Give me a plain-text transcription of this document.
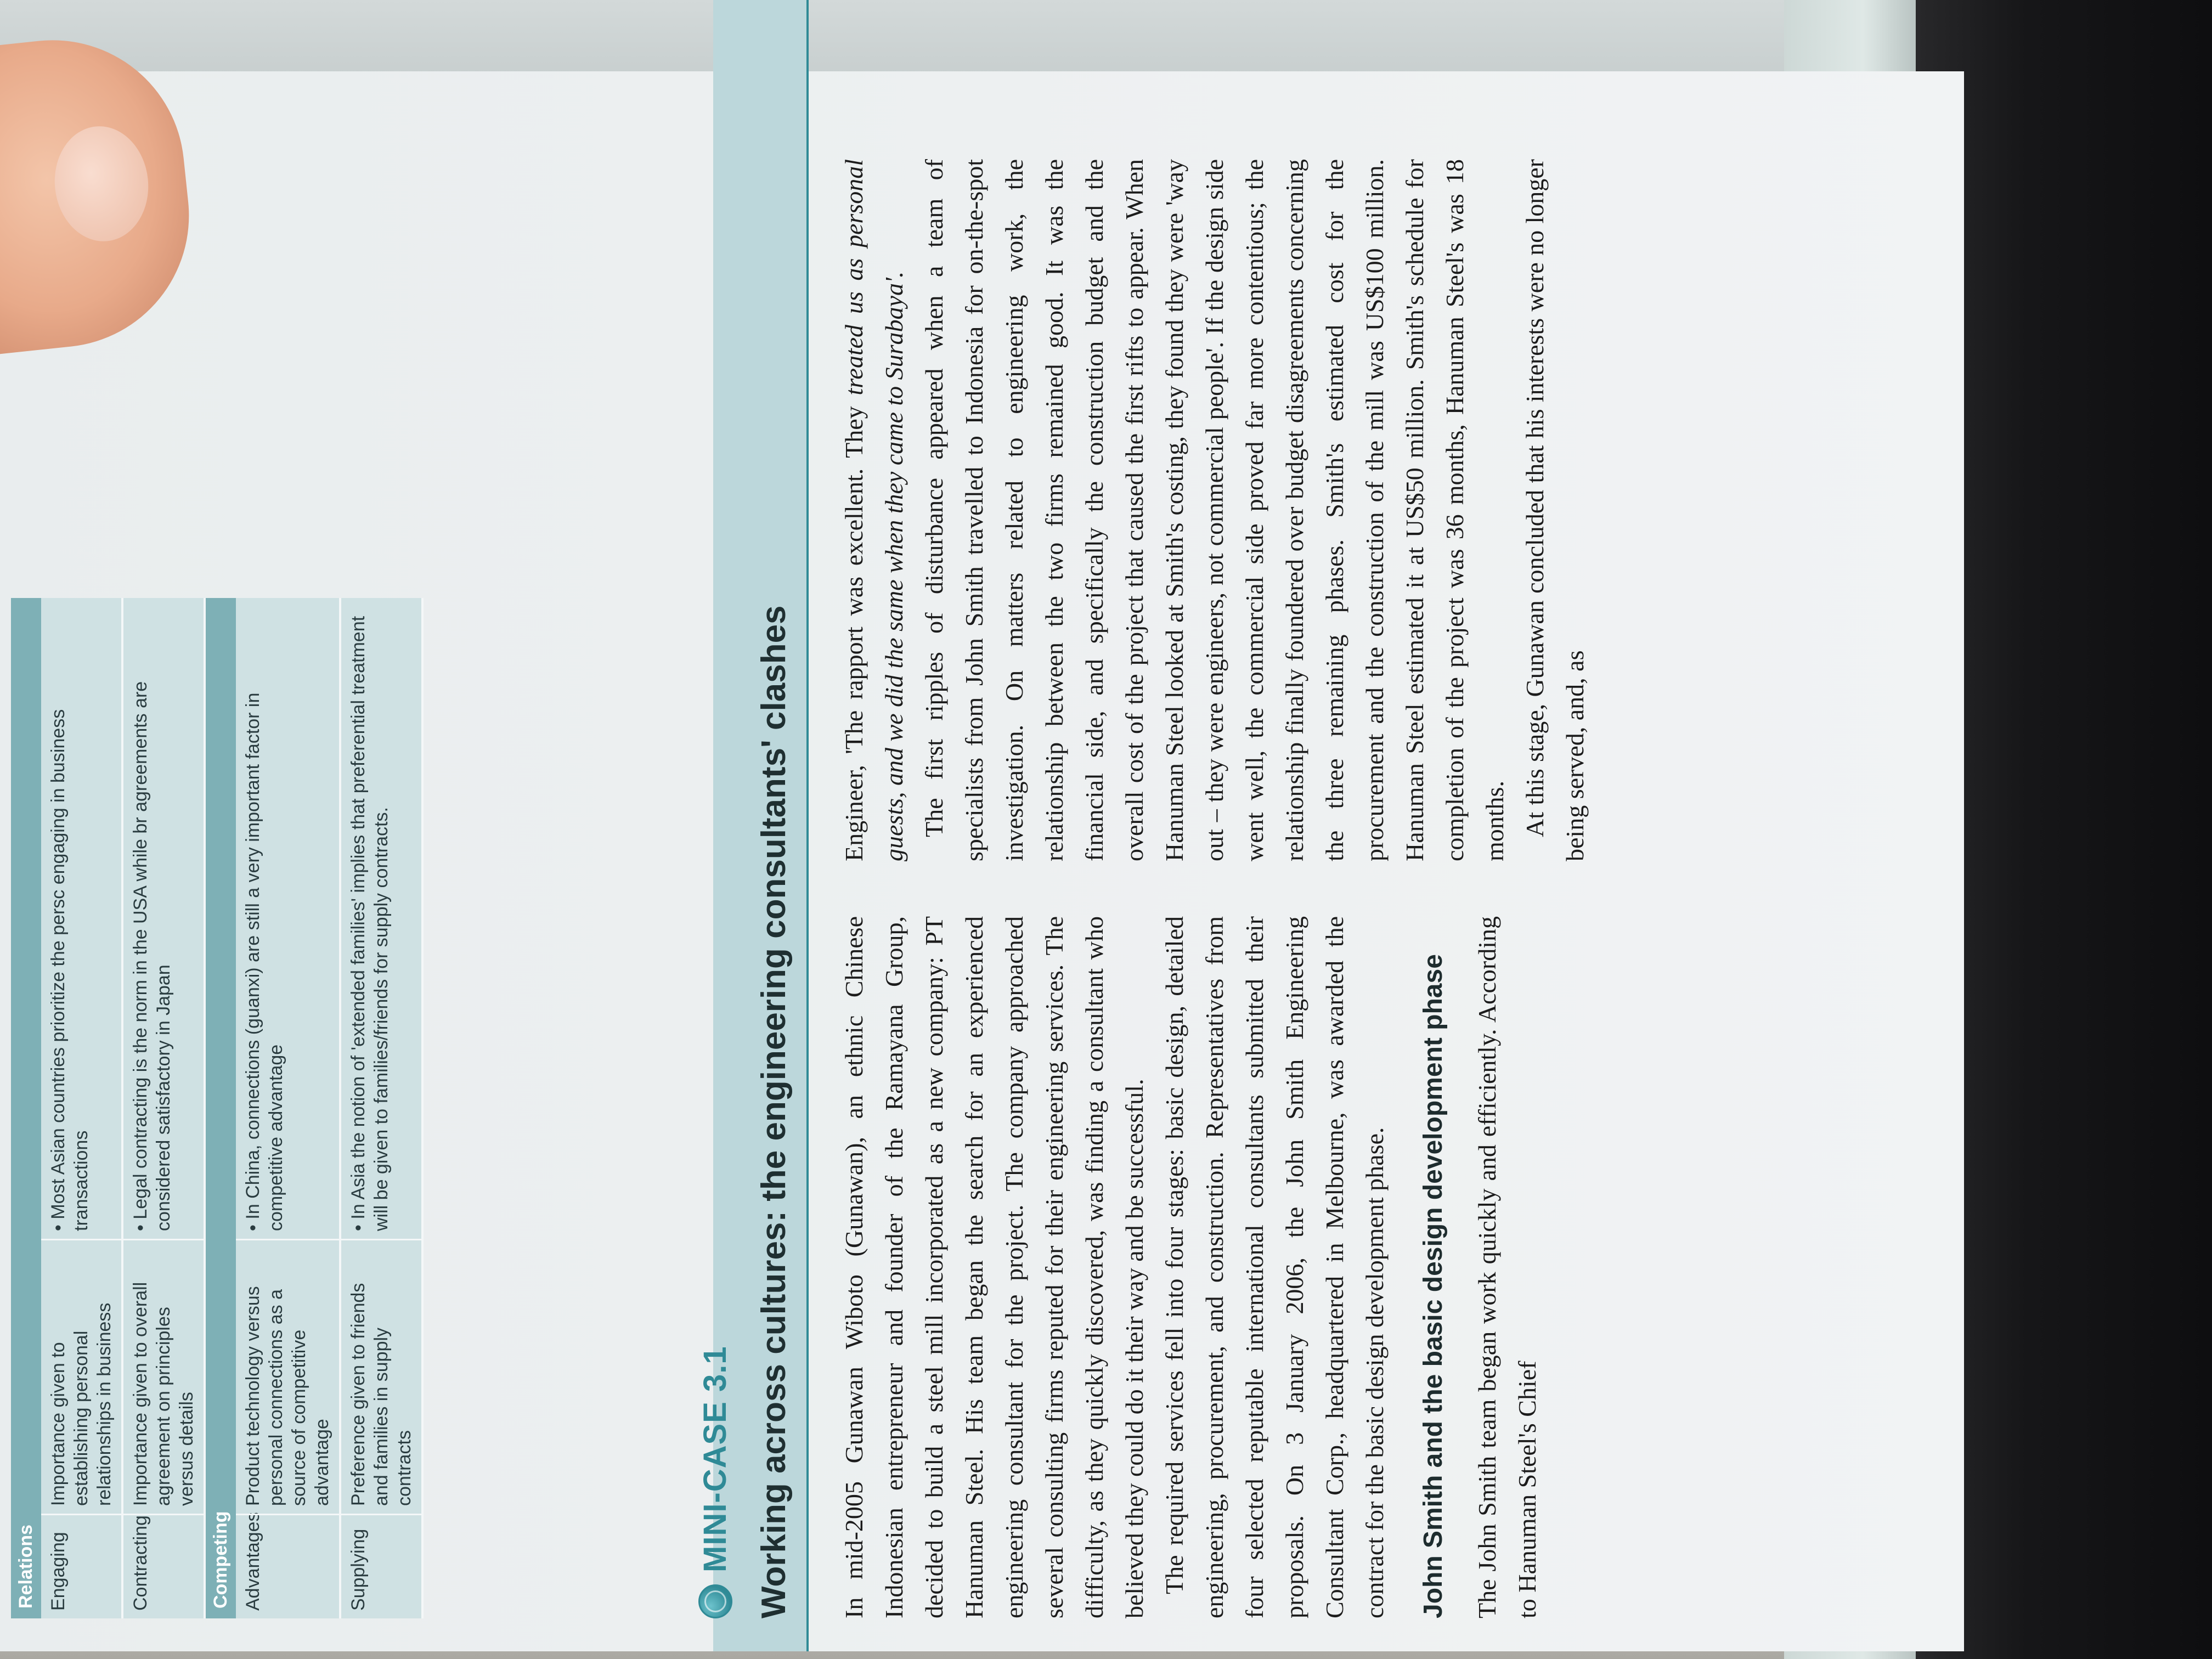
Relations Engaging
Importance given to establishing personal relationships in business
• Most Asian countries prioritize the persc engaging in business transactions
Contracting
Importance given to overall agreement on principles versus details
• Legal contracting is the norm in the USA while br agreements are considered satisfactory in Japan
Competing Advantages
Product technology versus personal connections as a source of competitive advantage
• In China, connections (guanxi) are still a very important factor in competitive advantage
Supplying
Preference given to friends and families in supply contracts
• In Asia the notion of 'extended families' implies that preferential treatment will be given to families/friends for supply contracts.
MINI-CASE 3.1 Working across cultures: the engineering consultants' clashes In mid-2005 Gunawan Wiboto (Gunawan), an ethnic Chinese Indonesian entrepreneur and founder of the Ramayana Group, decided to build a steel mill incorporated as a new company: PT Hanuman Steel. His team began the search for an experienced engineering consultant for the project. The company approached several consulting firms reputed for their engineering services. The difficulty, as they quickly discovered, was finding a consultant who believed they could do it their way and be successful. The required services fell into four stages: basic design, detailed engineering, procurement, and construction. Representatives from four selected reputable international consultants submitted their proposals. On 3 January 2006, the John Smith Engineering Consultant Corp., headquartered in Melbourne, was awarded the contract for the basic design development phase. John Smith and the basic design development phase The John Smith team began work quickly and efficiently. According to Hanuman Steel's Chief

Engineer, 'The rapport was excellent. They treated us as personal guests, and we did the same when they came to Surabaya'. The first ripples of disturbance appeared when a team of specialists from John Smith travelled to Indonesia for on-the-spot investigation. On matters related to engineering work, the relationship between the two firms remained good. It was the financial side, and specifically the construction budget and the overall cost of the project that caused the first rifts to appear. When Hanuman Steel looked at Smith's costing, they found they were 'way out – they were engineers, not commercial people'. If the design side went well, the commercial side proved far more contentious; the relationship finally foundered over budget disagreements concerning the three remaining phases. Smith's estimated cost for the procurement and the construction of the mill was US$100 million. Hanuman Steel estimated it at US$50 million. Smith's schedule for completion of the project was 36 months, Hanuman Steel's was 18 months. At this stage, Gunawan concluded that his interests were no longer being served, and, as
